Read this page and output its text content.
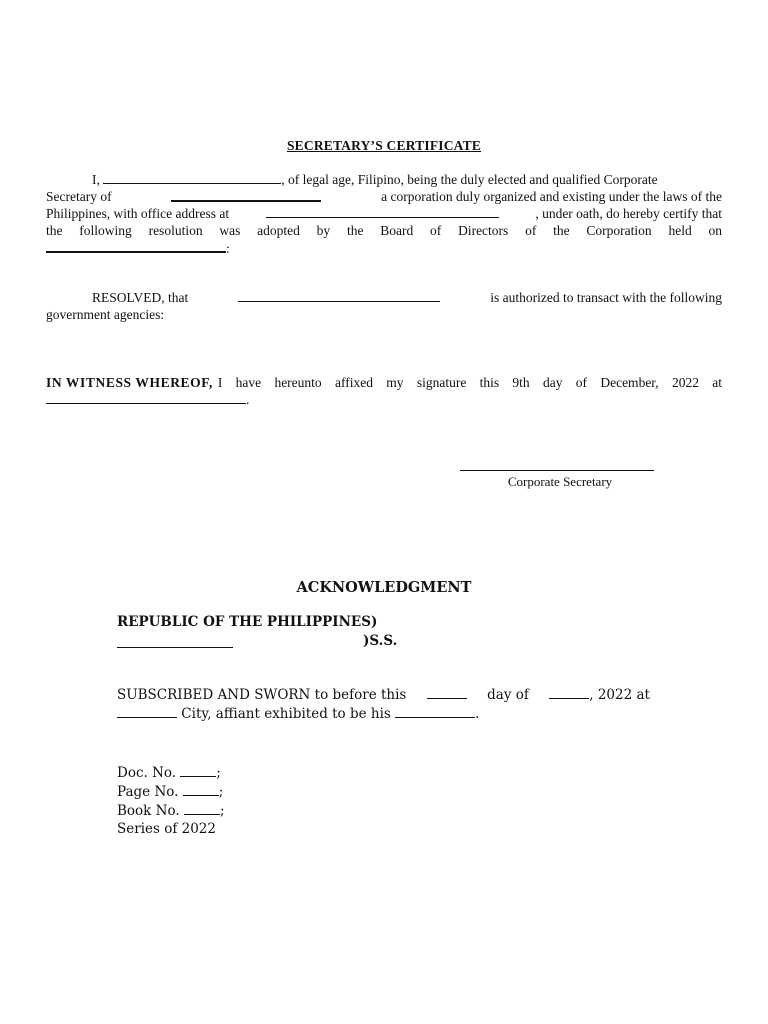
SECRETARY’S CERTIFICATE
I,	, of legal age, Filipino, being the duly elected and qualified Corporate
Secretary of	a corporation duly organized and existing under the laws of the
Philippines, with office address at	, under oath, do hereby certify that
the following resolution was adopted by the Board of Directors of the Corporation held on
:
RESOLVED, that	is authorized to transact with the following
government agencies:
IN WITNESS WHEREOF, I have hereunto affixed my signature this 9th day of December, 2022 at
.
Corporate Secretary
ACKNOWLEDGMENT
REPUBLIC OF THE PHILIPPINES)
)S.S.
SUBSCRIBED AND SWORN to before this	day of	, 2022 at
City, affiant exhibited to be his	.
Doc. No.	;
Page No.	;
Book No.	;
Series of 2022
